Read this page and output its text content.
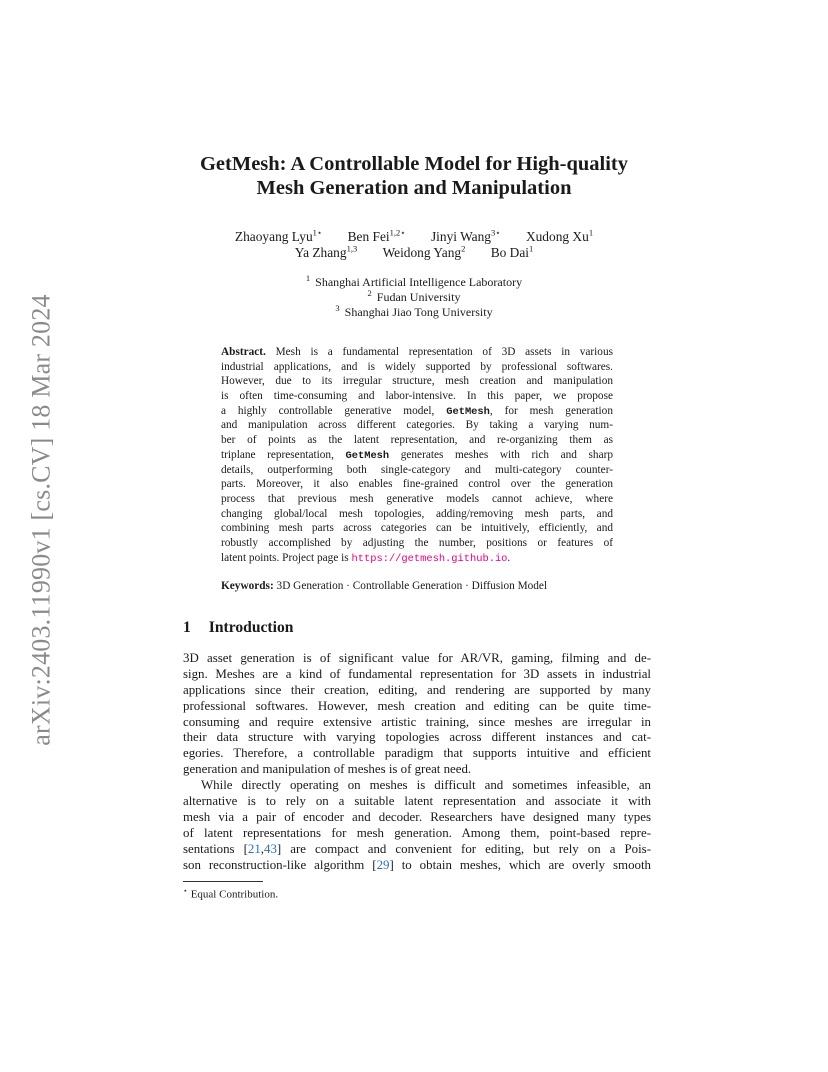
arXiv:2403.11990v1 [cs.CV] 18 Mar 2024
GetMesh: A Controllable Model for High-quality
Mesh Generation and Manipulation
Zhaoyang Lyu$^{1⋆}$ Ben Fei$^{1,2⋆}$ Jinyi Wang$^{3⋆}$ Xudong Xu$^1$
Ya Zhang$^{1,3}$ Weidong Yang$^2$ Bo Dai$^1$
$^1$ Shanghai Artificial Intelligence Laboratory
$^2$ Fudan University
$^3$ Shanghai Jiao Tong University
Abstract. Mesh is a fundamental representation of 3D assets in various
industrial applications, and is widely supported by professional softwares.
However, due to its irregular structure, mesh creation and manipulation
is often time-consuming and labor-intensive. In this paper, we propose
a highly controllable generative model, GetMesh, for mesh generation
and manipulation across different categories. By taking a varying num-
ber of points as the latent representation, and re-organizing them as
triplane representation, GetMesh generates meshes with rich and sharp
details, outperforming both single-category and multi-category counter-
parts. Moreover, it also enables fine-grained control over the generation
process that previous mesh generative models cannot achieve, where
changing global/local mesh topologies, adding/removing mesh parts, and
combining mesh parts across categories can be intuitively, efficiently, and
robustly accomplished by adjusting the number, positions or features of
latent points. Project page is https://getmesh.github.io.
Keywords: 3D Generation · Controllable Generation · Diffusion Model
1 Introduction
3D asset generation is of significant value for AR/VR, gaming, filming and de-
sign. Meshes are a kind of fundamental representation for 3D assets in industrial
applications since their creation, editing, and rendering are supported by many
professional softwares. However, mesh creation and editing can be quite time-
consuming and require extensive artistic training, since meshes are irregular in
their data structure with varying topologies across different instances and cat-
egories. Therefore, a controllable paradigm that supports intuitive and efficient
generation and manipulation of meshes is of great need.
While directly operating on meshes is difficult and sometimes infeasible, an
alternative is to rely on a suitable latent representation and associate it with
mesh via a pair of encoder and decoder. Researchers have designed many types
of latent representations for mesh generation. Among them, point-based repre-
sentations [21,43] are compact and convenient for editing, but rely on a Pois-
son reconstruction-like algorithm [29] to obtain meshes, which are overly smooth
⋆ Equal Contribution.
